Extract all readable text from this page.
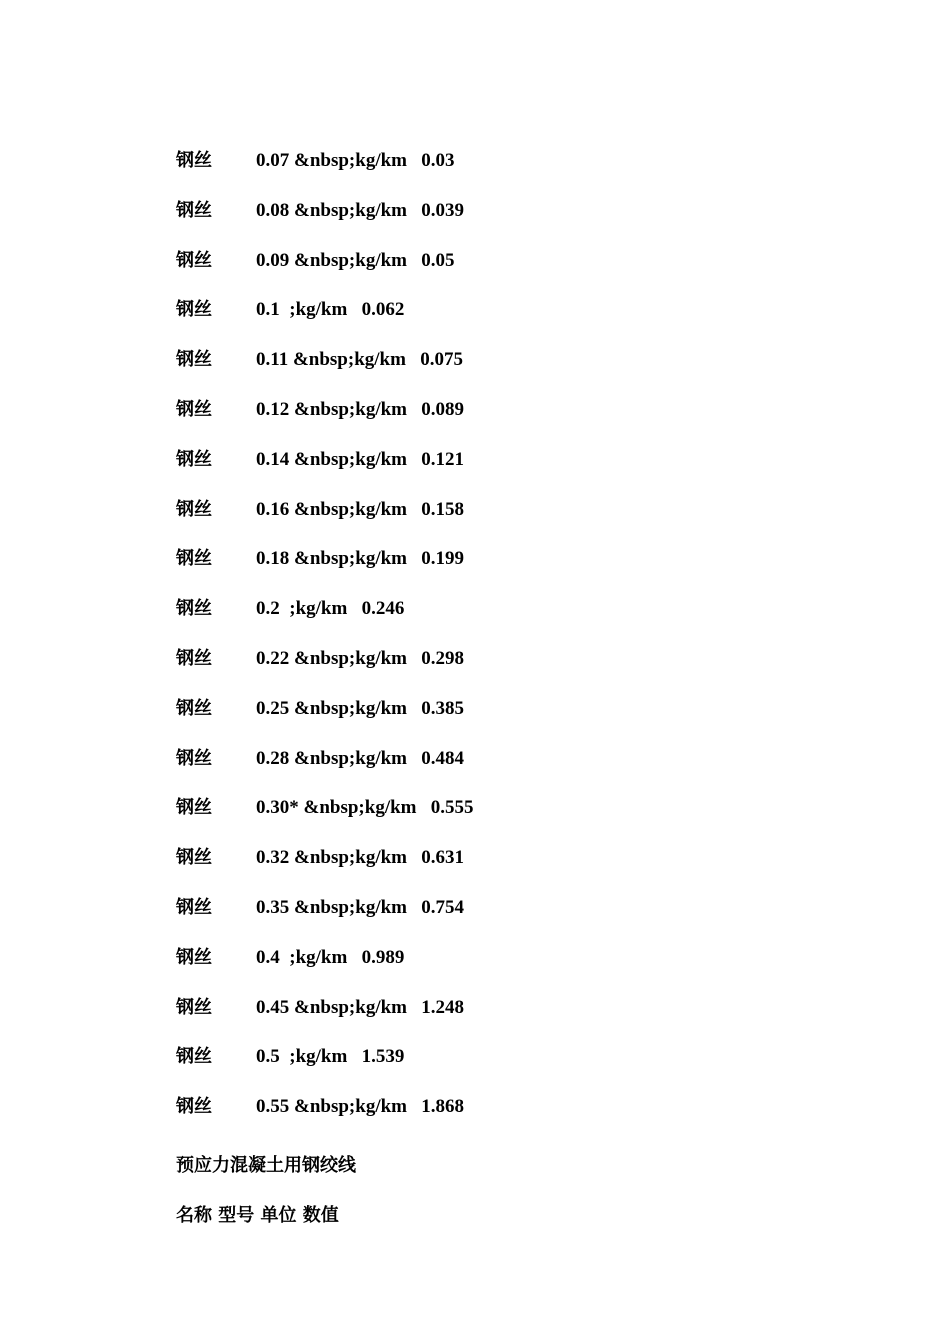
钢丝 0.07 &nbsp;kg/km   0.03
钢丝 0.08 &nbsp;kg/km   0.039
钢丝 0.09 &nbsp;kg/km   0.05
钢丝 0.1  ;kg/km   0.062
钢丝 0.11 &nbsp;kg/km   0.075
钢丝 0.12 &nbsp;kg/km   0.089
钢丝 0.14 &nbsp;kg/km   0.121
钢丝 0.16 &nbsp;kg/km   0.158
钢丝 0.18 &nbsp;kg/km   0.199
钢丝 0.2  ;kg/km   0.246
钢丝 0.22 &nbsp;kg/km   0.298
钢丝 0.25 &nbsp;kg/km   0.385
钢丝 0.28 &nbsp;kg/km   0.484
钢丝 0.30* &nbsp;kg/km   0.555
钢丝 0.32 &nbsp;kg/km   0.631
钢丝 0.35 &nbsp;kg/km   0.754
钢丝 0.4  ;kg/km   0.989
钢丝 0.45 &nbsp;kg/km   1.248
钢丝 0.5  ;kg/km   1.539
钢丝 0.55 &nbsp;kg/km   1.868
预应力混凝土用钢绞线
名称 型号 单位 数值
